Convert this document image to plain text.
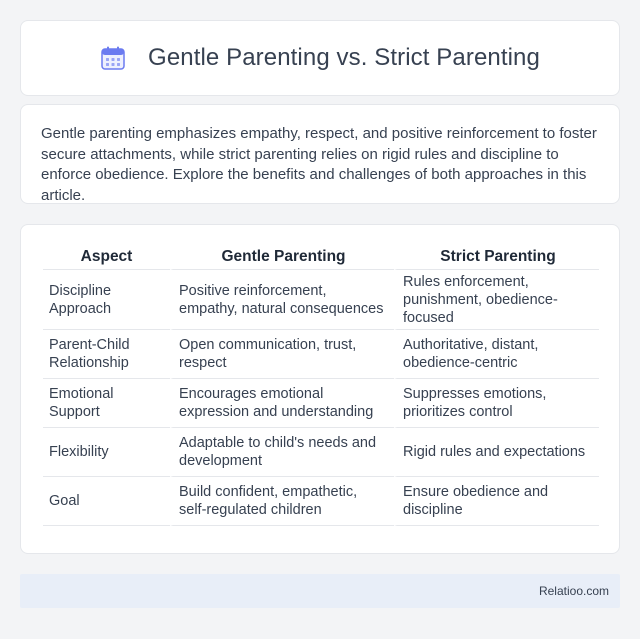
Gentle Parenting vs. Strict Parenting

Gentle parenting emphasizes empathy, respect, and positive reinforcement to foster secure attachments, while strict parenting relies on rigid rules and discipline to enforce obedience. Explore the benefits and challenges of both approaches in this article.

Aspect	Gentle Parenting	Strict Parenting
Discipline Approach	Positive reinforcement, empathy, natural consequences	Rules enforcement, punishment, obedience-focused
Parent-Child Relationship	Open communication, trust, respect	Authoritative, distant, obedience-centric
Emotional Support	Encourages emotional expression and understanding	Suppresses emotions, prioritizes control
Flexibility	Adaptable to child's needs and development	Rigid rules and expectations
Goal	Build confident, empathetic, self-regulated children	Ensure obedience and discipline
Relatioo.com
